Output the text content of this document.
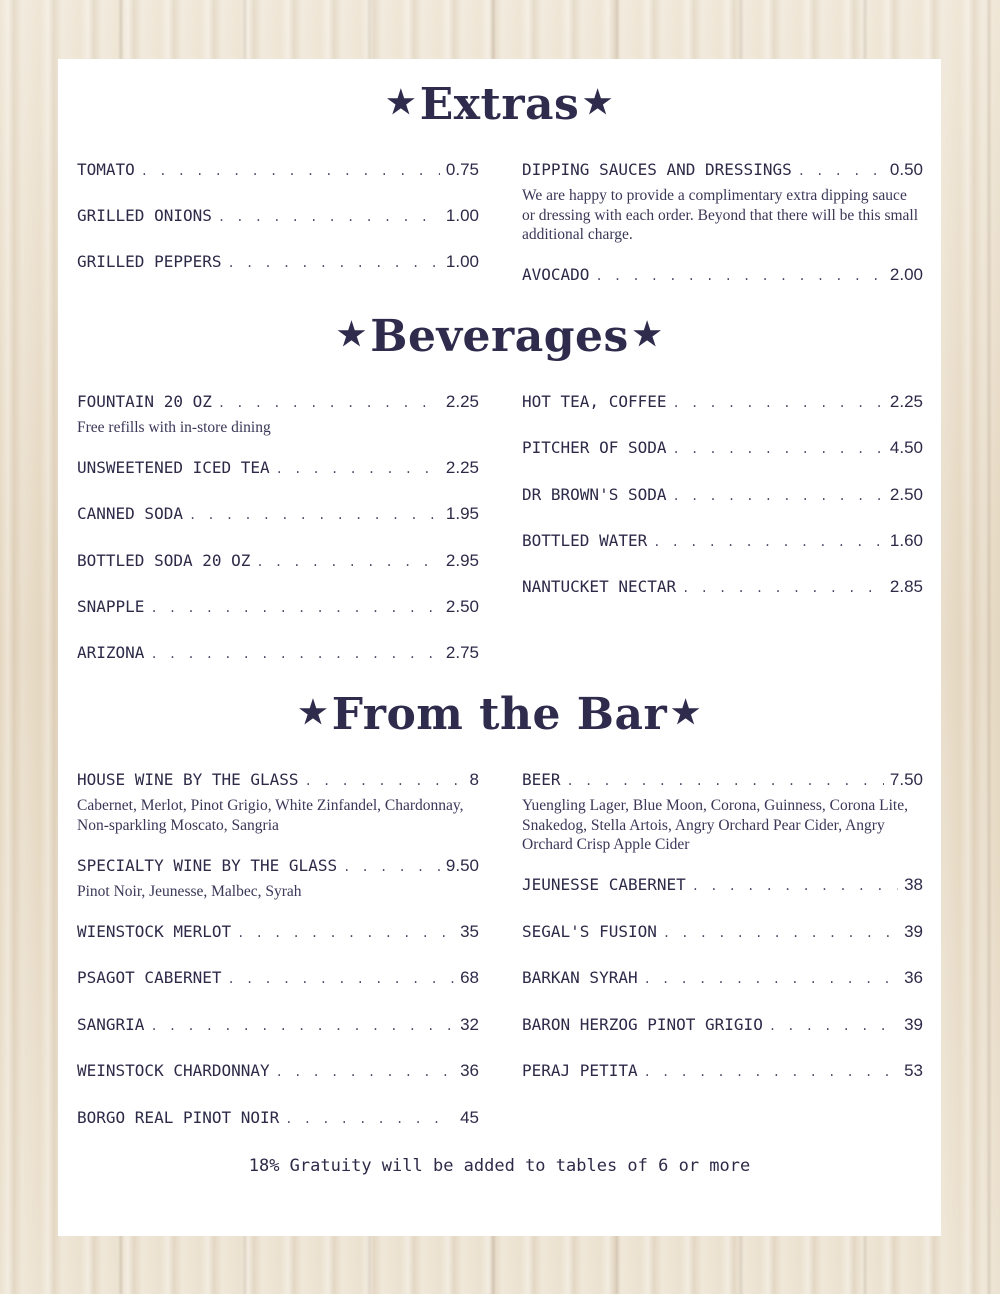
★Extras ★
TOMATO . . .	0.75
GRILLED ONIONS . . .	1.00
GRILLED PEPPERS . . .	1.00
DIPPING SAUCES AND DRESSINGS . . .	0.50
We are happy to provide a complimentary extra dipping sauce or dressing with each order. Beyond that there will be this small additional charge.
AVOCADO . . .	2.00
★Beverages ★
FOUNTAIN 20 OZ . . .	2.25
Free refills with in-store dining
UNSWEETENED ICED TEA . . .	2.25
CANNED SODA . . .	1.95
BOTTLED SODA 20 OZ . . .	2.95
SNAPPLE . . .	2.50
ARIZONA . . .	2.75
HOT TEA, COFFEE . . .	2.25
PITCHER OF SODA . . .	4.50
DR BROWN'S SODA . . .	2.50
BOTTLED WATER . . .	1.60
NANTUCKET NECTAR . . .	2.85
★From the Bar ★
HOUSE WINE BY THE GLASS . . .	8
Cabernet, Merlot, Pinot Grigio, White Zinfandel, Chardonnay, Non-sparkling Moscato, Sangria
SPECIALTY WINE BY THE GLASS . . .	9.50
Pinot Noir, Jeunesse, Malbec, Syrah
WIENSTOCK MERLOT . . .	35
PSAGOT CABERNET . . .	68
SANGRIA . . .	32
WEINSTOCK CHARDONNAY . . .	36
BORGO REAL PINOT NOIR . . .	45
BEER . . .	7.50
Yuengling Lager, Blue Moon, Corona, Guinness, Corona Lite, Snakedog, Stella Artois, Angry Orchard Pear Cider, Angry Orchard Crisp Apple Cider
JEUNESSE CABERNET . . .	38
SEGAL'S FUSION . . .	39
BARKAN SYRAH . . .	36
BARON HERZOG PINOT GRIGIO . . .	39
PERAJ PETITA . . .	53
18% Gratuity will be added to tables of 6 or more
